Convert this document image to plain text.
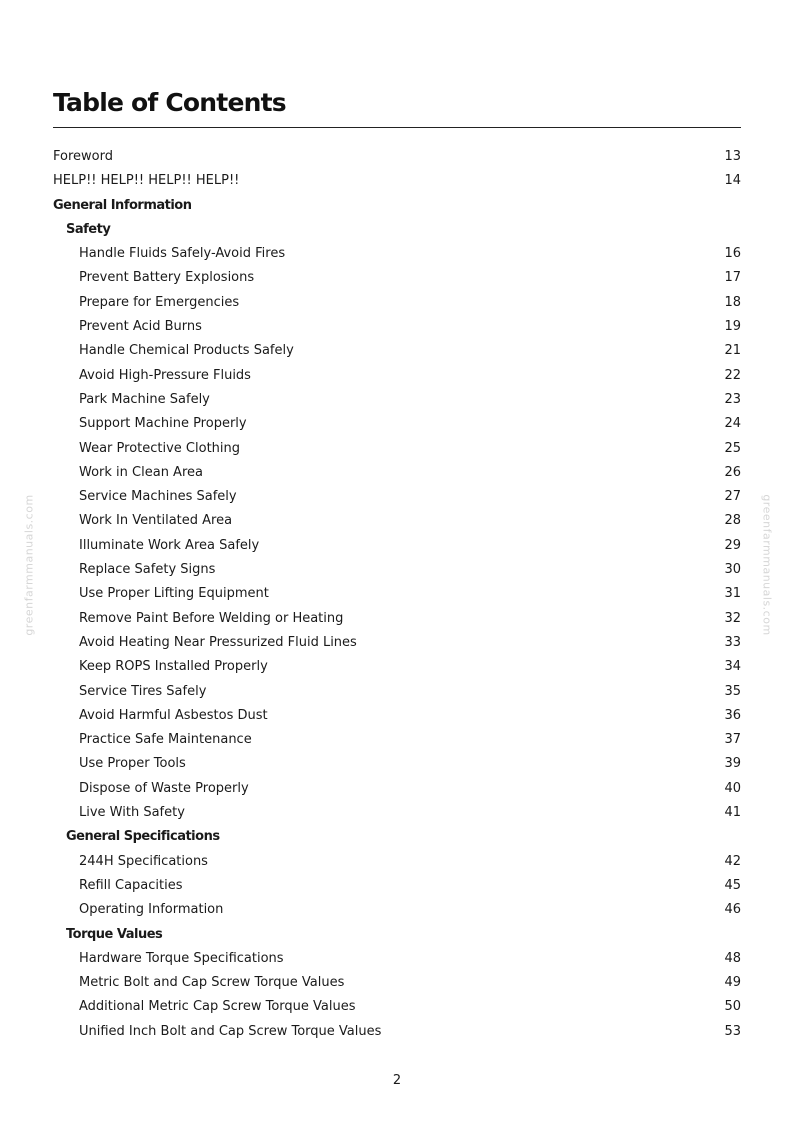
Table of Contents
Foreword	13
HELP!! HELP!! HELP!! HELP!!	14
General Information
Safety
Handle Fluids Safely-Avoid Fires	16
Prevent Battery Explosions	17
Prepare for Emergencies	18
Prevent Acid Burns	19
Handle Chemical Products Safely	21
Avoid High-Pressure Fluids	22
Park Machine Safely	23
Support Machine Properly	24
Wear Protective Clothing	25
Work in Clean Area	26
Service Machines Safely	27
Work In Ventilated Area	28
Illuminate Work Area Safely	29
Replace Safety Signs	30
Use Proper Lifting Equipment	31
Remove Paint Before Welding or Heating	32
Avoid Heating Near Pressurized Fluid Lines	33
Keep ROPS Installed Properly	34
Service Tires Safely	35
Avoid Harmful Asbestos Dust	36
Practice Safe Maintenance	37
Use Proper Tools	39
Dispose of Waste Properly	40
Live With Safety	41
General Specifications
244H Specifications	42
Refill Capacities	45
Operating Information	46
Torque Values
Hardware Torque Specifications	48
Metric Bolt and Cap Screw Torque Values	49
Additional Metric Cap Screw Torque Values	50
Unified Inch Bolt and Cap Screw Torque Values	53
greenfarmmanuals.com	greenfarmmanuals.com
2
